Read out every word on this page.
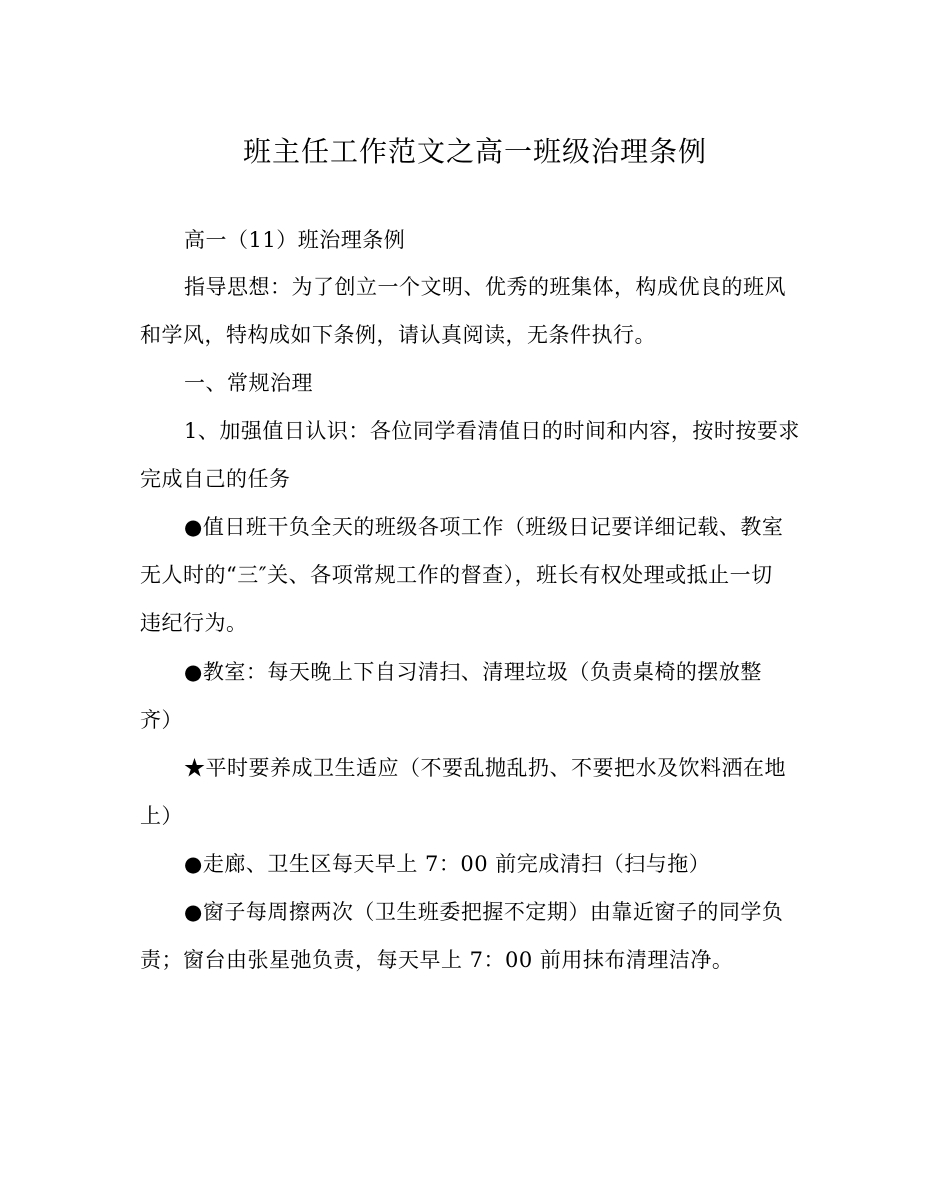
班主任工作范文之高一班级治理条例
高一（11）班治理条例
指导思想：为了创立一个文明、优秀的班集体，构成优良的班风
和学风，特构成如下条例，请认真阅读，无条件执行。
一、常规治理
1、加强值日认识：各位同学看清值日的时间和内容，按时按要求
完成自己的任务
●值日班干负全天的班级各项工作（班级日记要详细记载、教室
无人时的“三″关、各项常规工作的督查），班长有权处理或抵止一切
违纪行为。
●教室：每天晚上下自习清扫、清理垃圾（负责桌椅的摆放整
齐）
★平时要养成卫生适应（不要乱抛乱扔、不要把水及饮料洒在地
上）
●走廊、卫生区每天早上 7：00 前完成清扫（扫与拖）
●窗子每周擦两次（卫生班委把握不定期）由靠近窗子的同学负
责；窗台由张星弛负责，每天早上 7：00 前用抹布清理洁净。
